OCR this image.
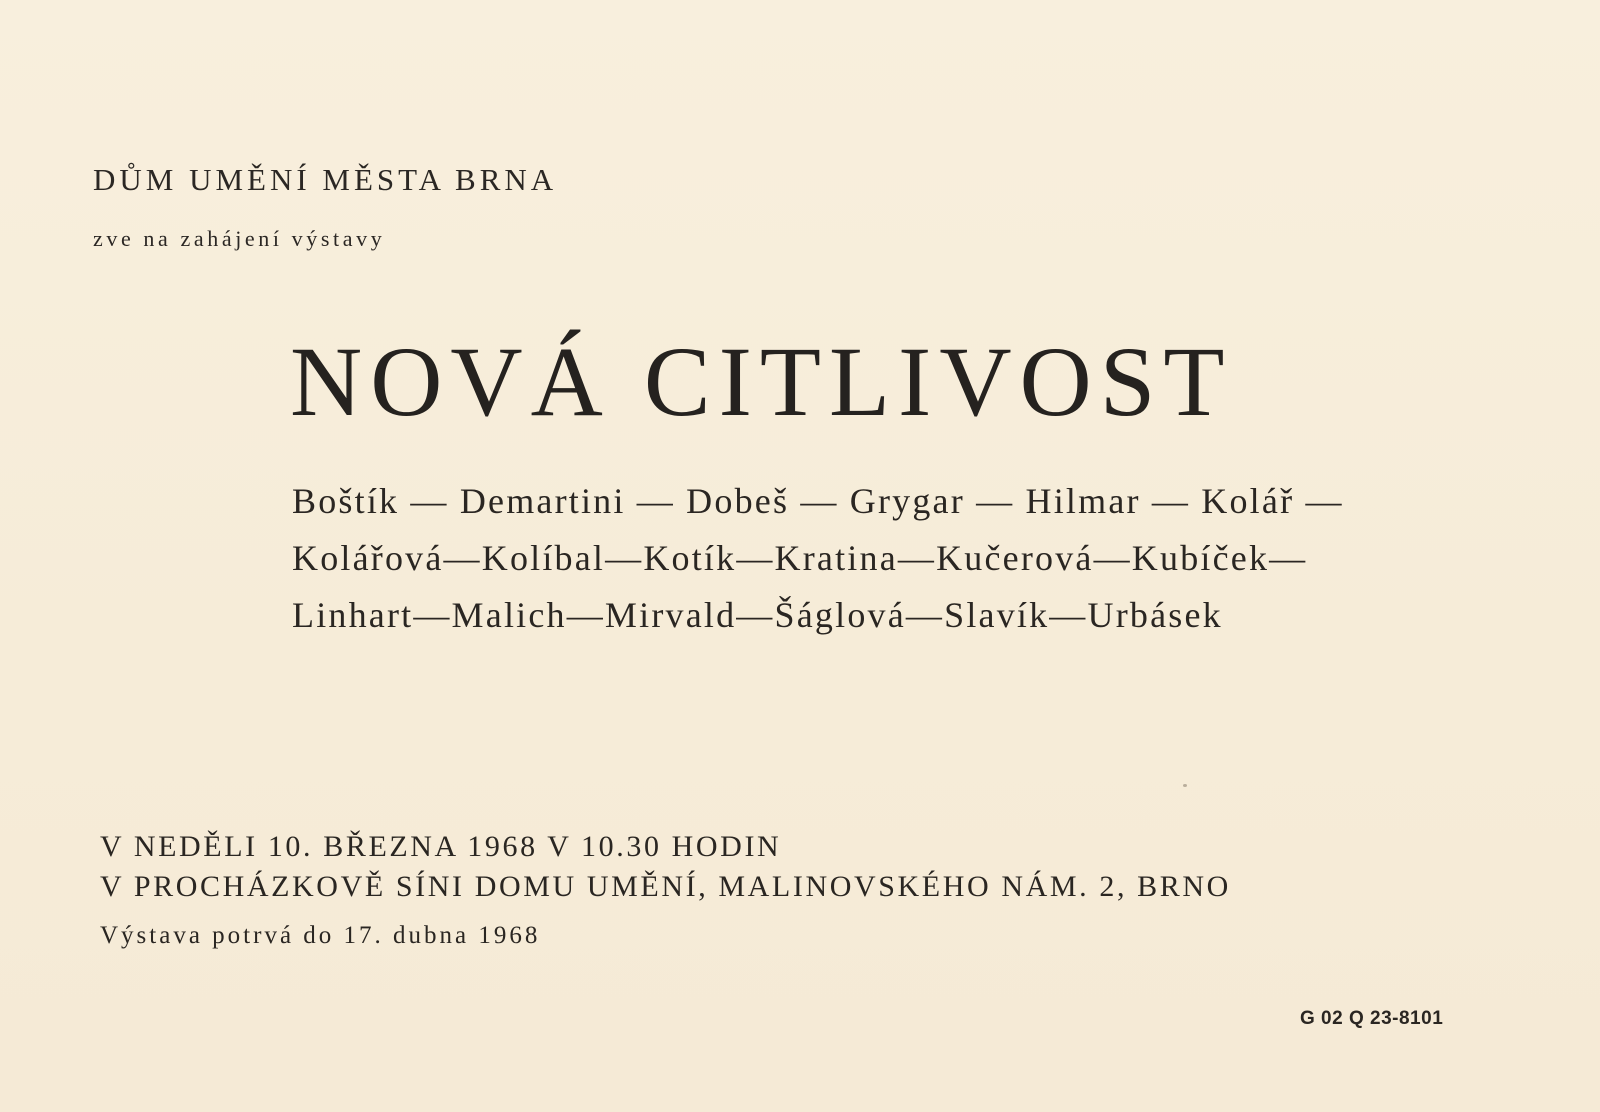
DŮM UMĚNÍ MĚSTA BRNA
zve na zahájení výstavy
NOVÁ CITLIVOST
Boštík — Demartini — Dobeš — Grygar — Hilmar — Kolář —
Kolářová—Kolíbal—Kotík—Kratina—Kučerová—Kubíček—
Linhart—Malich—Mirvald—Šáglová—Slavík—Urbásek
V NEDĚLI 10. BŘEZNA 1968 V 10.30 HODIN
V PROCHÁZKOVĚ SÍNI DOMU UMĚNÍ, MALINOVSKÉHO NÁM. 2, BRNO
Výstava potrvá do 17. dubna 1968
G 02 Q 23-8101
